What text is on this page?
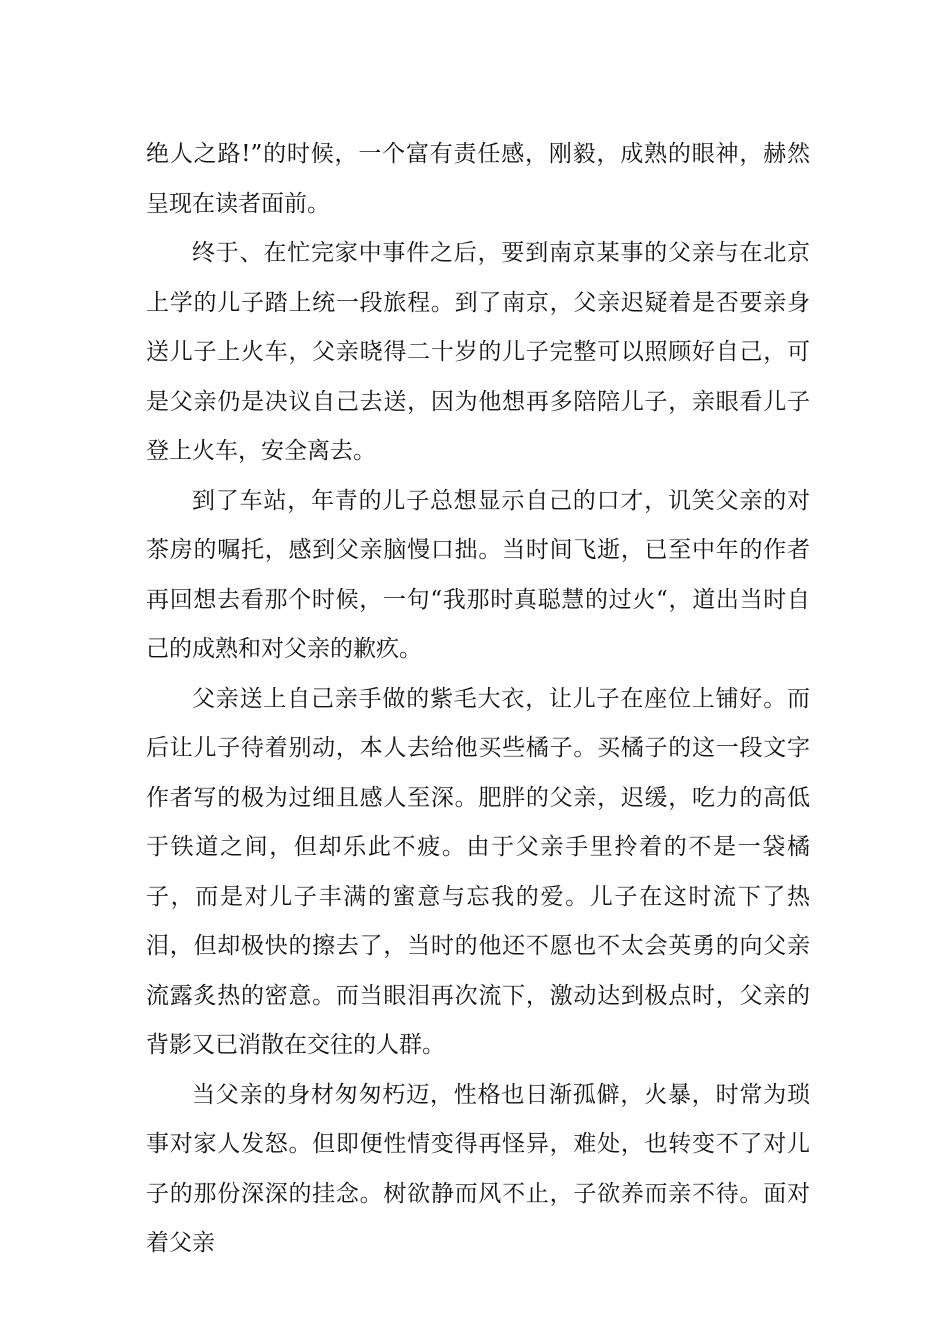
绝人之路!”的时候，一个富有责任感，刚毅，成熟的眼神，赫然呈现在读者面前。

终于、在忙完家中事件之后，要到南京某事的父亲与在北京上学的儿子踏上统一段旅程。到了南京，父亲迟疑着是否要亲身送儿子上火车，父亲晓得二十岁的儿子完整可以照顾好自己，可是父亲仍是决议自己去送，因为他想再多陪陪儿子，亲眼看儿子登上火车，安全离去。

到了车站，年青的儿子总想显示自己的口才，讥笑父亲的对茶房的嘱托，感到父亲脑慢口拙。当时间飞逝，已至中年的作者再回想去看那个时候，一句“我那时真聪慧的过火“，道出当时自己的成熟和对父亲的歉疚。

父亲送上自己亲手做的紫毛大衣，让儿子在座位上铺好。而后让儿子待着别动，本人去给他买些橘子。买橘子的这一段文字作者写的极为过细且感人至深。肥胖的父亲，迟缓，吃力的高低于铁道之间，但却乐此不疲。由于父亲手里拎着的不是一袋橘子，而是对儿子丰满的蜜意与忘我的爱。儿子在这时流下了热泪，但却极快的擦去了，当时的他还不愿也不太会英勇的向父亲流露炙热的密意。而当眼泪再次流下，激动达到极点时，父亲的背影又已消散在交往的人群。

当父亲的身材匆匆朽迈，性格也日渐孤僻，火暴，时常为琐事对家人发怒。但即便性情变得再怪异，难处，也转变不了对儿子的那份深深的挂念。树欲静而风不止，子欲养而亲不待。面对着父亲
